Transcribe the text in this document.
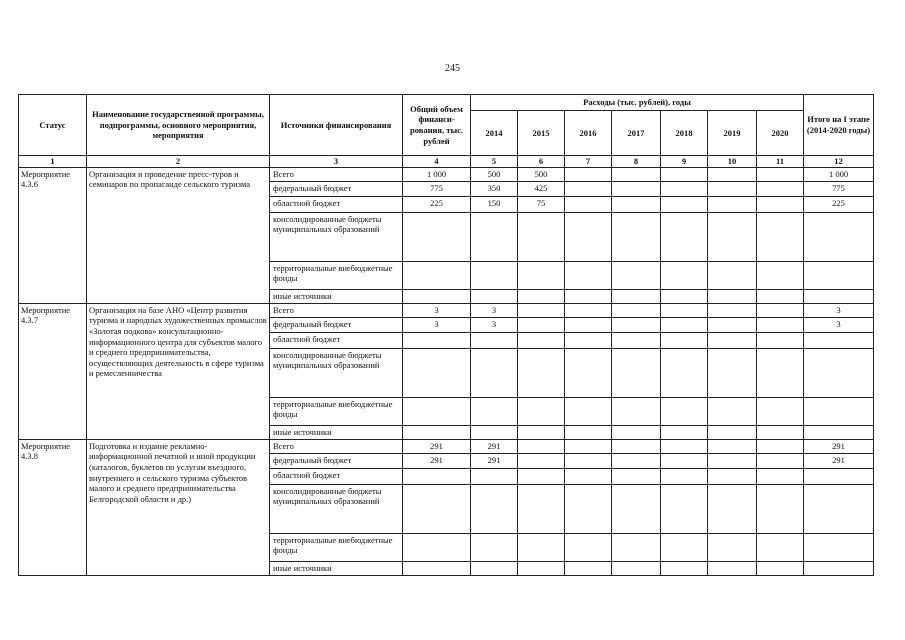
245
Статус	Наименование государственной программы, подпрограммы, основного мероприятия, мероприятия	Источники финансирования	Общий объем финанси-рования, тыс. рублей	Расходы (тыс. рублей), годы							Итого на I этапе (2014-2020 годы)
				2014	2015	2016	2017	2018	2019	2020	
1	2	3	4	5	6	7	8	9	10	11	12
Мероприятие 4.3.6	Организация и проведение пресс-туров и семинаров по пропаганде сельского туризма	Всего	1 000	500	500						1 000
		федеральный бюджет	775	350	425						775
		областной бюджет	225	150	75						225
		консолидированные бюджеты муниципальных образований									
		территориальные внебюджетные фонды									
		иные источники									
Мероприятие 4.3.7	Организация на базе АНО «Центр развития туризма и народных художественных промыслов «Золотая подкова» консультационно-информационного центра для субъектов малого и среднего предпринимательства, осуществляющих деятельность в сфере туризма и ремесленничества	Всего	3	3							3
		федеральный бюджет	3	3							3
		областной бюджет									
		консолидированные бюджеты муниципальных образований									
		территориальные внебюджетные фонды									
		иные источники									
Мероприятие 4.3.8	Подготовка и издание рекламно-информационной печатной и иной продукции (каталогов, буклетов по услугам въездного, внутреннего и сельского туризма субъектов малого и среднего предпринимательства Белгородской области и др.)	Всего	291	291							291
		федеральный бюджет	291	291							291
		областной бюджет									
		консолидированные бюджеты муниципальных образований									
		территориальные внебюджетные фонды									
		иные источники									
